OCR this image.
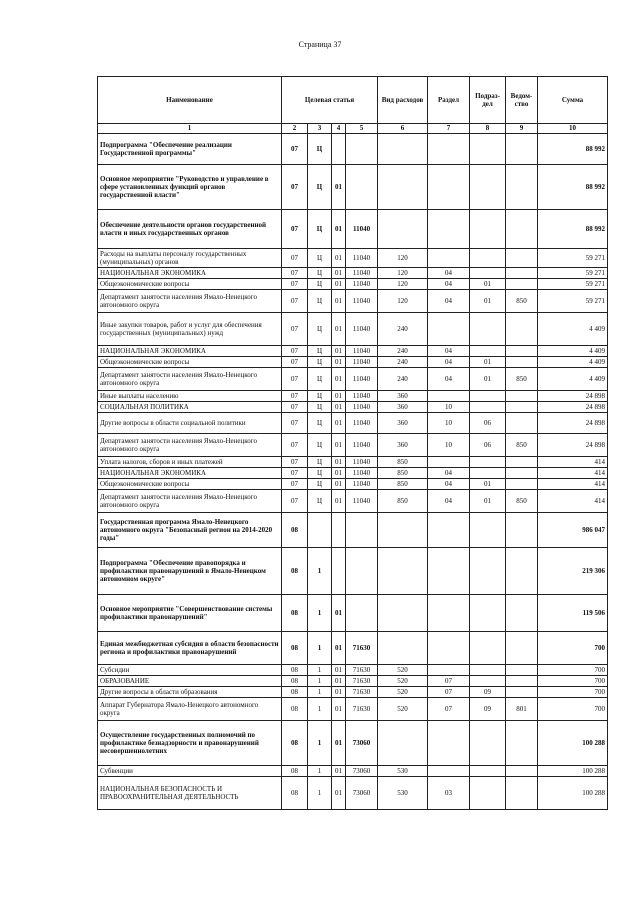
Страница 37
Наименование	Целевая статья				Вид расходов	Раздел	Подраз-дел	Ведом-ство	Сумма
1	2	3	4	5	6	7	8	9	10
Подпрограмма "Обеспечение реализации Государственной программы"	07	Ц							88 992
Основное мероприятие "Руководство и управление в сфере установленных функций органов государственной власти"	07	Ц	01						88 992
Обеспечение деятельности органов государственной власти и иных государственных органов	07	Ц	01	11040					88 992
Расходы на выплаты персоналу государственных (муниципальных) органов	07	Ц	01	11040	120				59 271
НАЦИОНАЛЬНАЯ ЭКОНОМИКА	07	Ц	01	11040	120	04			59 271
Общеэкономические вопросы	07	Ц	01	11040	120	04	01		59 271
Департамент занятости населения Ямало-Ненецкого автономного округа	07	Ц	01	11040	120	04	01	850	59 271
Иные закупки товаров, работ и услуг для обеспечения государственных (муниципальных) нужд	07	Ц	01	11040	240				4 409
НАЦИОНАЛЬНАЯ ЭКОНОМИКА	07	Ц	01	11040	240	04			4 409
Общеэкономические вопросы	07	Ц	01	11040	240	04	01		4 409
Департамент занятости населения Ямало-Ненецкого автономного округа	07	Ц	01	11040	240	04	01	850	4 409
Иные выплаты населению	07	Ц	01	11040	360				24 898
СОЦИАЛЬНАЯ ПОЛИТИКА	07	Ц	01	11040	360	10			24 898
Другие вопросы в области социальной политики	07	Ц	01	11040	360	10	06		24 898
Департамент занятости населения Ямало-Ненецкого автономного округа	07	Ц	01	11040	360	10	06	850	24 898
Уплата налогов, сборов и иных платежей	07	Ц	01	11040	850				414
НАЦИОНАЛЬНАЯ ЭКОНОМИКА	07	Ц	01	11040	850	04			414
Общеэкономические вопросы	07	Ц	01	11040	850	04	01		414
Департамент занятости населения Ямало-Ненецкого автономного округа	07	Ц	01	11040	850	04	01	850	414
Государственная программа Ямало-Ненецкого автономного округа "Безопасный регион на 2014-2020 годы"	08								986 047
Подпрограмма "Обеспечение правопорядка и профилактики правонарушений в Ямало-Ненецком автономном округе"	08	1							219 306
Основное мероприятие "Совершенствование системы профилактики правонарушений"	08	1	01						119 506
Единая межбюджетная субсидия в области безопасности региона и профилактики правонарушений	08	1	01	71630					700
Субсидии	08	1	01	71630	520				700
ОБРАЗОВАНИЕ	08	1	01	71630	520	07			700
Другие вопросы в области образования	08	1	01	71630	520	07	09		700
Аппарат Губернатора Ямало-Ненецкого автономного округа	08	1	01	71630	520	07	09	801	700
Осуществление государственных полномочий по профилактике безнадзорности и правонарушений несовершеннолетних	08	1	01	73060					100 288
Субвенции	08	1	01	73060	530				100 288
НАЦИОНАЛЬНАЯ БЕЗОПАСНОСТЬ И ПРАВООХРАНИТЕЛЬНАЯ ДЕЯТЕЛЬНОСТЬ	08	1	01	73060	530	03			100 288
